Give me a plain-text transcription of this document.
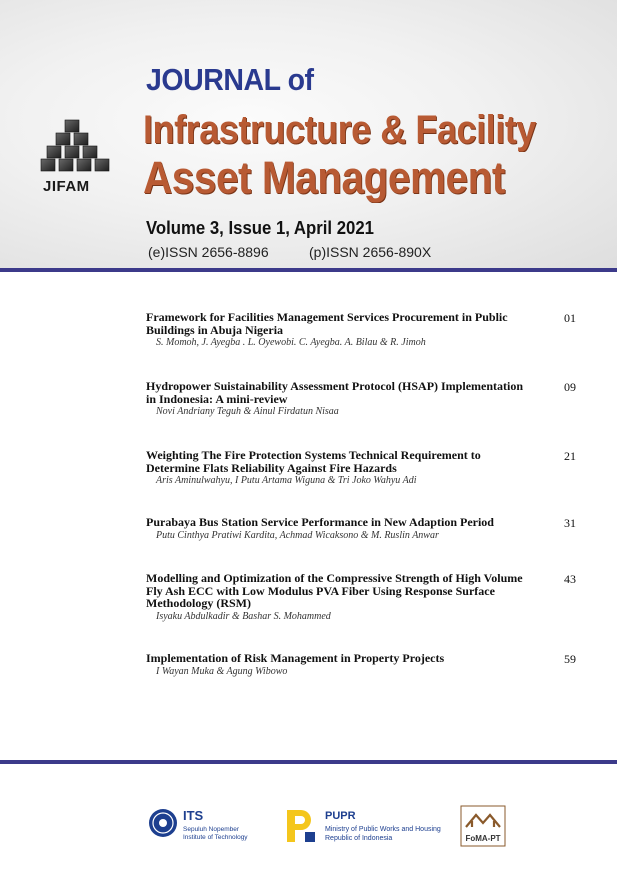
JIFAM
JOURNAL of
Infrastructure & Facility
Asset Management
Volume 3, Issue 1, April 2021
(e)ISSN 2656-8896	(p)ISSN 2656-890X
Framework for Facilities Management Services Procurement in Public Buildings in Abuja Nigeria
S. Momoh, J. Ayegba . L. Oyewobi. C. Ayegba. A. Bilau & R. Jimoh
01
Hydropower Suistainability Assessment Protocol (HSAP) Implementation in Indonesia: A mini-review
Novi Andriany Teguh & Ainul Firdatun Nisaa
09
Weighting The Fire Protection Systems Technical Requirement to Determine Flats Reliability Against Fire Hazards
Aris Aminulwahyu, I Putu Artama Wiguna & Tri Joko Wahyu Adi
21
Purabaya Bus Station Service Performance in New Adaption Period
Putu Cinthya Pratiwi Kardita, Achmad Wicaksono & M. Ruslin Anwar
31
Modelling and Optimization of the Compressive Strength of High Volume Fly Ash ECC with Low Modulus PVA Fiber Using Response Surface Methodology (RSM)
Isyaku Abdulkadir & Bashar S. Mohammed
43
Implementation of Risk Management in Property Projects
I Wayan Muka & Agung Wibowo
59
ITS
Sepuluh Nopember
Institute of Technology
PUPR
Ministry of Public Works and Housing
Republic of Indonesia	FoMA-PT
